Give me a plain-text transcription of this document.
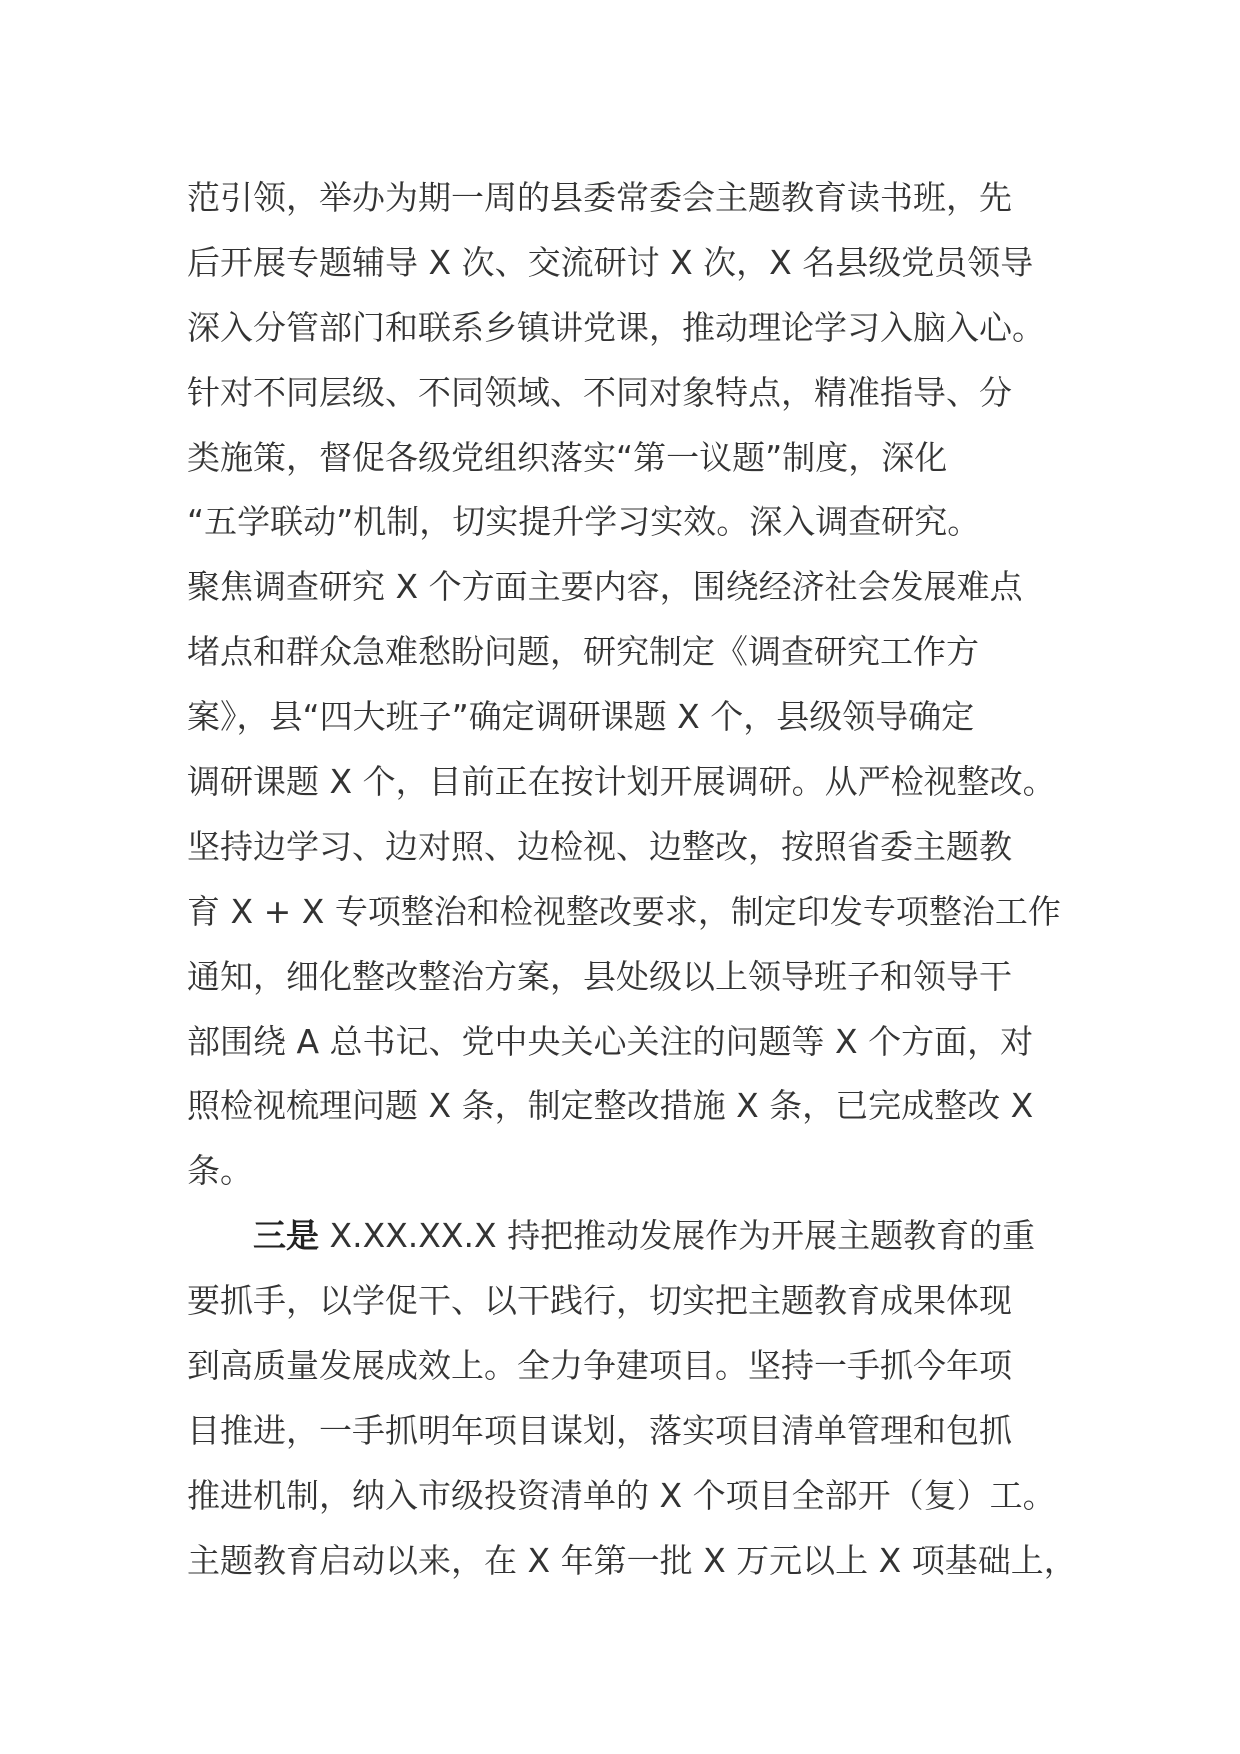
范引领，举办为期一周的县委常委会主题教育读书班，先
后开展专题辅导 X 次、交流研讨 X 次，X 名县级党员领导
深入分管部门和联系乡镇讲党课，推动理论学习入脑入心。
针对不同层级、不同领域、不同对象特点，精准指导、分
类施策，督促各级党组织落实“第一议题”制度，深化
“五学联动”机制，切实提升学习实效。深入调查研究。
聚焦调查研究 X 个方面主要内容，围绕经济社会发展难点
堵点和群众急难愁盼问题，研究制定《调查研究工作方
案》，县“四大班子”确定调研课题 X 个，县级领导确定
调研课题 X 个，目前正在按计划开展调研。从严检视整改。
坚持边学习、边对照、边检视、边整改，按照省委主题教
育 X + X 专项整治和检视整改要求，制定印发专项整治工作
通知，细化整改整治方案，县处级以上领导班子和领导干
部围绕 A 总书记、党中央关心关注的问题等 X 个方面，对
照检视梳理问题 X 条，制定整改措施 X 条，已完成整改 X
条。
三是 X.XX.XX.X 持把推动发展作为开展主题教育的重
要抓手，以学促干、以干践行，切实把主题教育成果体现
到高质量发展成效上。全力争建项目。坚持一手抓今年项
目推进，一手抓明年项目谋划，落实项目清单管理和包抓
推进机制，纳入市级投资清单的 X 个项目全部开（复）工。
主题教育启动以来，在 X 年第一批 X 万元以上 X 项基础上，
